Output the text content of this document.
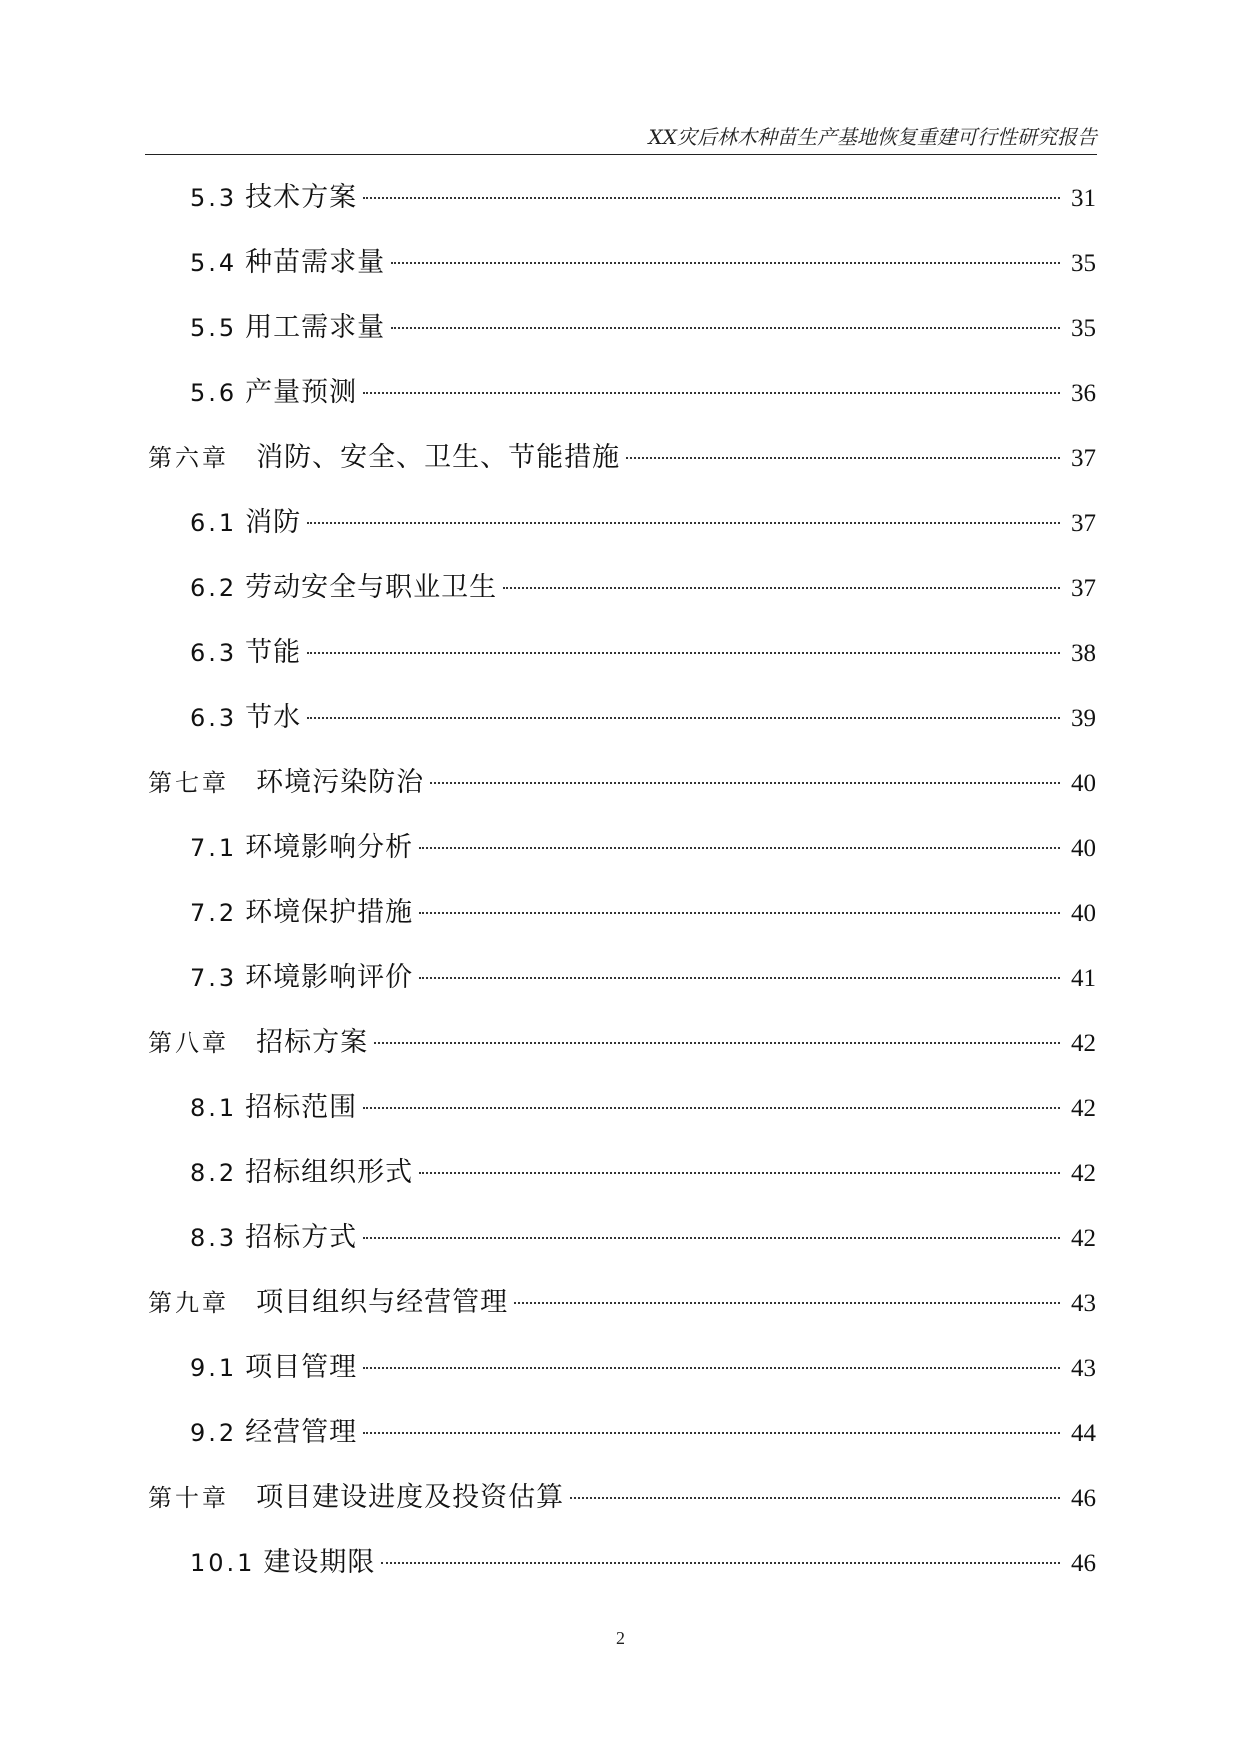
XX灾后林木种苗生产基地恢复重建可行性研究报告
5.3 技术方案	31
5.4 种苗需求量	35
5.5 用工需求量	35
5.6 产量预测	36
第六章 消防、安全、卫生、节能措施	37
6.1 消防	37
6.2 劳动安全与职业卫生	37
6.3 节能	38
6.3 节水	39
第七章 环境污染防治	40
7.1 环境影响分析	40
7.2 环境保护措施	40
7.3 环境影响评价	41
第八章 招标方案	42
8.1 招标范围	42
8.2 招标组织形式	42
8.3 招标方式	42
第九章 项目组织与经营管理	43
9.1 项目管理	43
9.2 经营管理	44
第十章 项目建设进度及投资估算	46
10.1 建设期限	46
2
